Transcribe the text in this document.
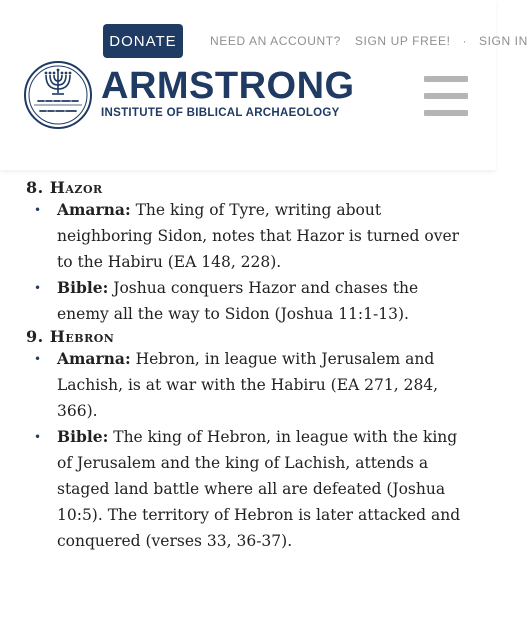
DONATE	NEED AN ACCOUNT? SIGN UP FREE! · SIGN IN
ARMSTRONG
INSTITUTE OF BIBLICAL ARCHAEOLOGY
8. Hazor
• Amarna: The king of Tyre, writing about neighboring Sidon, notes that Hazor is turned over to the Habiru (EA 148, 228).
• Bible: Joshua conquers Hazor and chases the enemy all the way to Sidon (Joshua 11:1-13).
9. Hebron
• Amarna: Hebron, in league with Jerusalem and Lachish, is at war with the Habiru (EA 271, 284, 366).
• Bible: The king of Hebron, in league with the king of Jerusalem and the king of Lachish, attends a staged land battle where all are defeated (Joshua 10:5). The territory of Hebron is later attacked and conquered (verses 33, 36-37).
